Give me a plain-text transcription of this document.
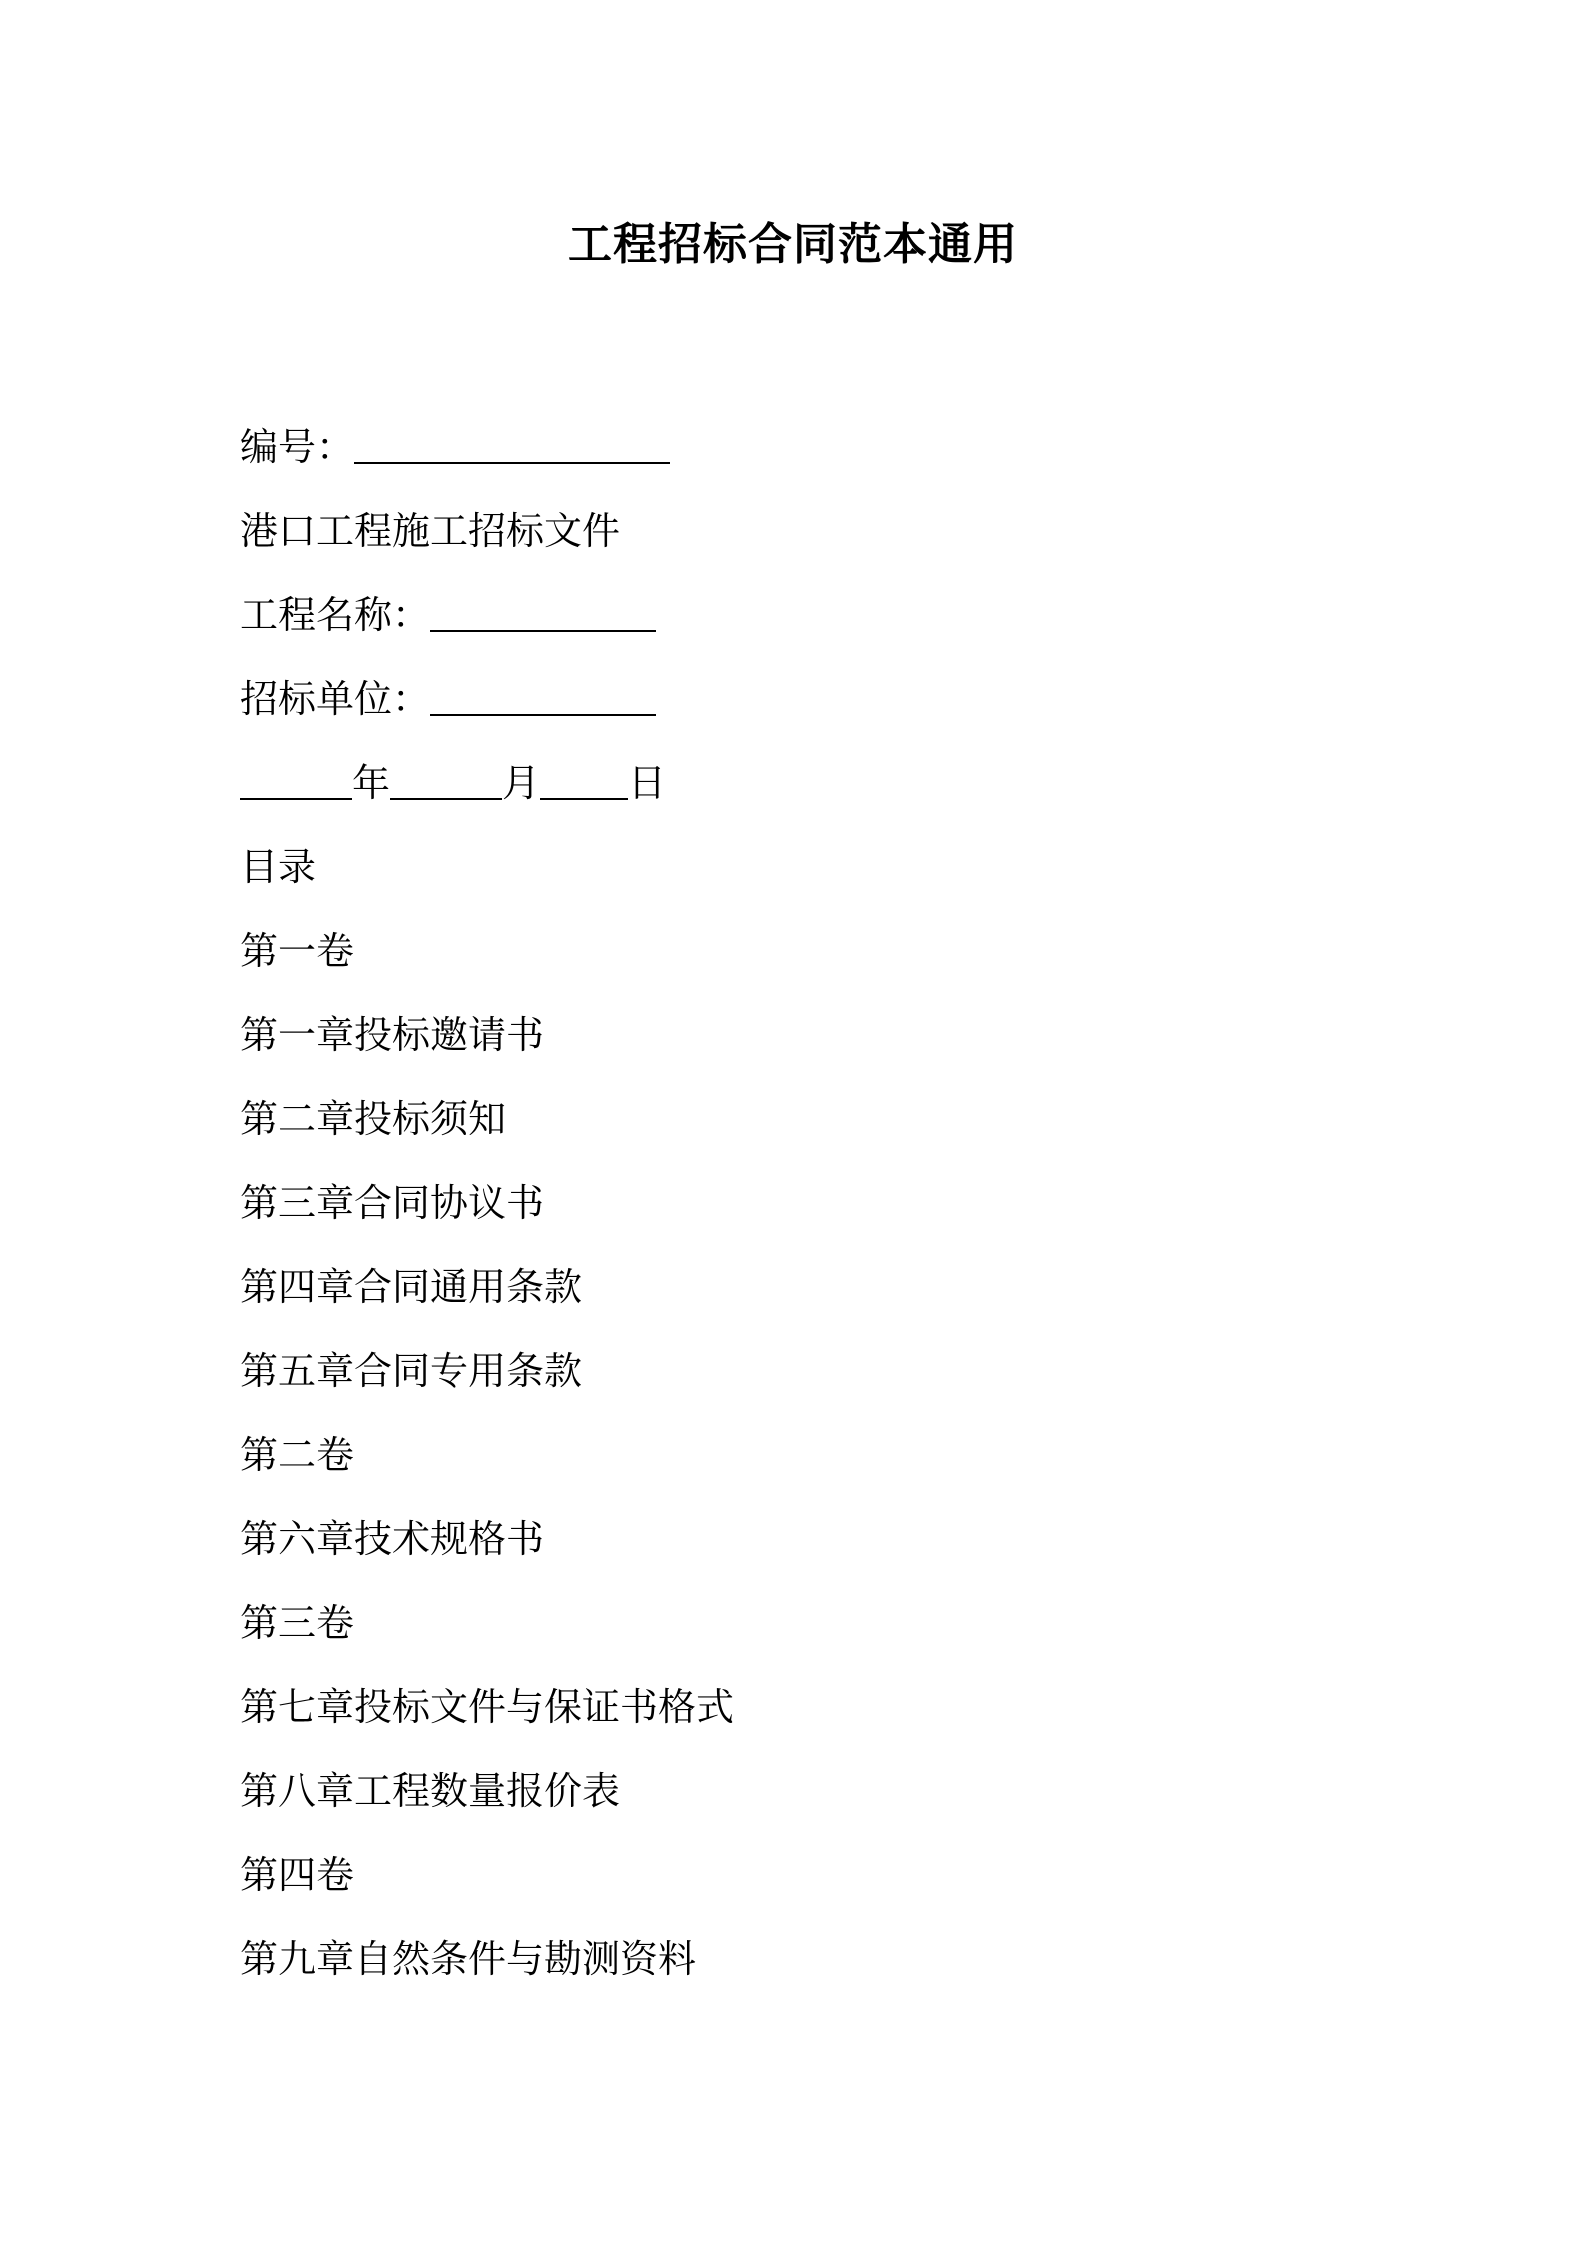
工程招标合同范本通用
编号：
港口工程施工招标文件
工程名称：
招标单位：
年	月 日
目录
第一卷
第一章投标邀请书
第二章投标须知
第三章合同协议书
第四章合同通用条款
第五章合同专用条款
第二卷
第六章技术规格书
第三卷
第七章投标文件与保证书格式
第八章工程数量报价表
第四卷
第九章自然条件与勘测资料
